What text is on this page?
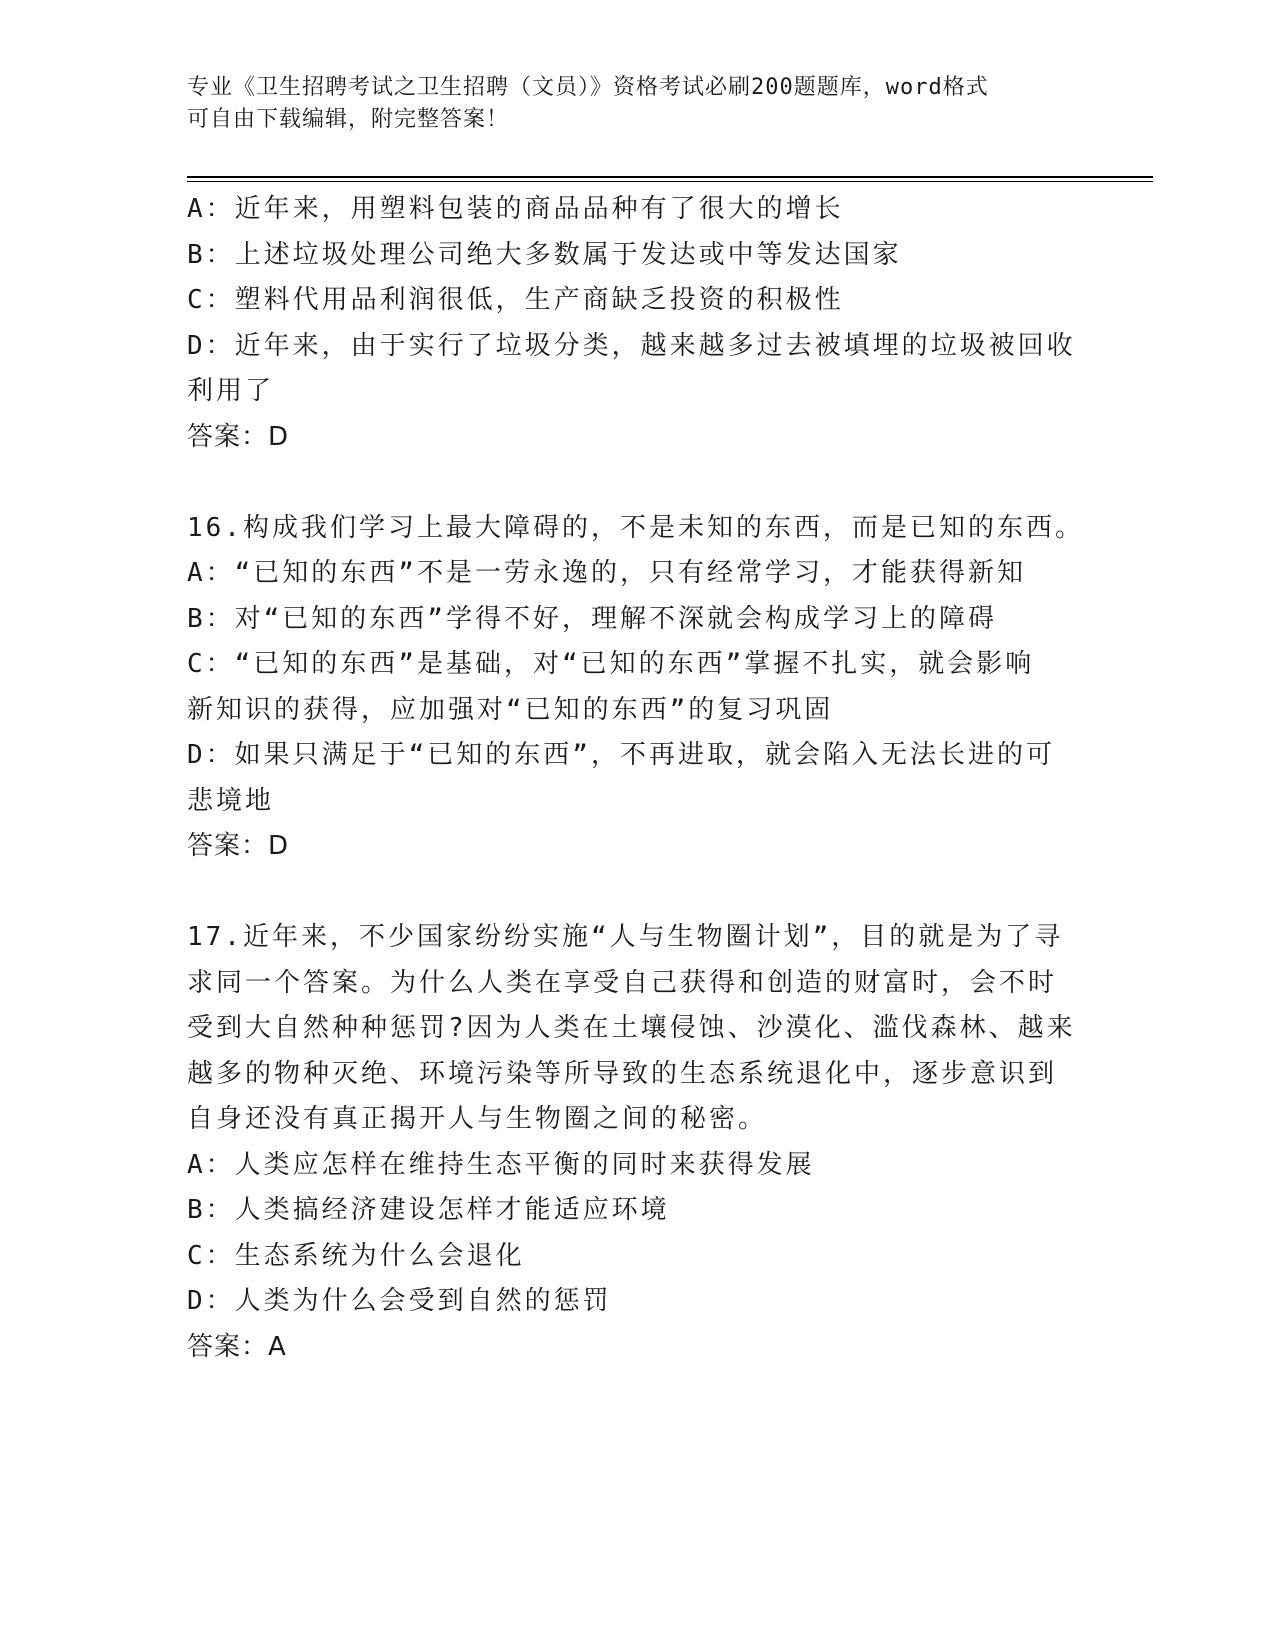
专业《卫生招聘考试之卫生招聘（文员）》资格考试必刷200题题库，word格式
可自由下载编辑，附完整答案！
A：近年来，用塑料包装的商品品种有了很大的增长
B：上述垃圾处理公司绝大多数属于发达或中等发达国家
C：塑料代用品利润很低，生产商缺乏投资的积极性
D：近年来，由于实行了垃圾分类，越来越多过去被填埋的垃圾被回收
利用了
答案：D
16.构成我们学习上最大障碍的，不是未知的东西，而是已知的东西。
A：“已知的东西”不是一劳永逸的，只有经常学习，才能获得新知
B：对“已知的东西”学得不好，理解不深就会构成学习上的障碍
C：“已知的东西”是基础，对“已知的东西”掌握不扎实，就会影响
新知识的获得，应加强对“已知的东西”的复习巩固
D：如果只满足于“已知的东西”，不再进取，就会陷入无法长进的可
悲境地
答案：D
17.近年来，不少国家纷纷实施“人与生物圈计划”，目的就是为了寻
求同一个答案。为什么人类在享受自己获得和创造的财富时，会不时
受到大自然种种惩罚?因为人类在土壤侵蚀、沙漠化、滥伐森林、越来
越多的物种灭绝、环境污染等所导致的生态系统退化中，逐步意识到
自身还没有真正揭开人与生物圈之间的秘密。
A：人类应怎样在维持生态平衡的同时来获得发展
B：人类搞经济建设怎样才能适应环境
C：生态系统为什么会退化
D：人类为什么会受到自然的惩罚
答案：A
